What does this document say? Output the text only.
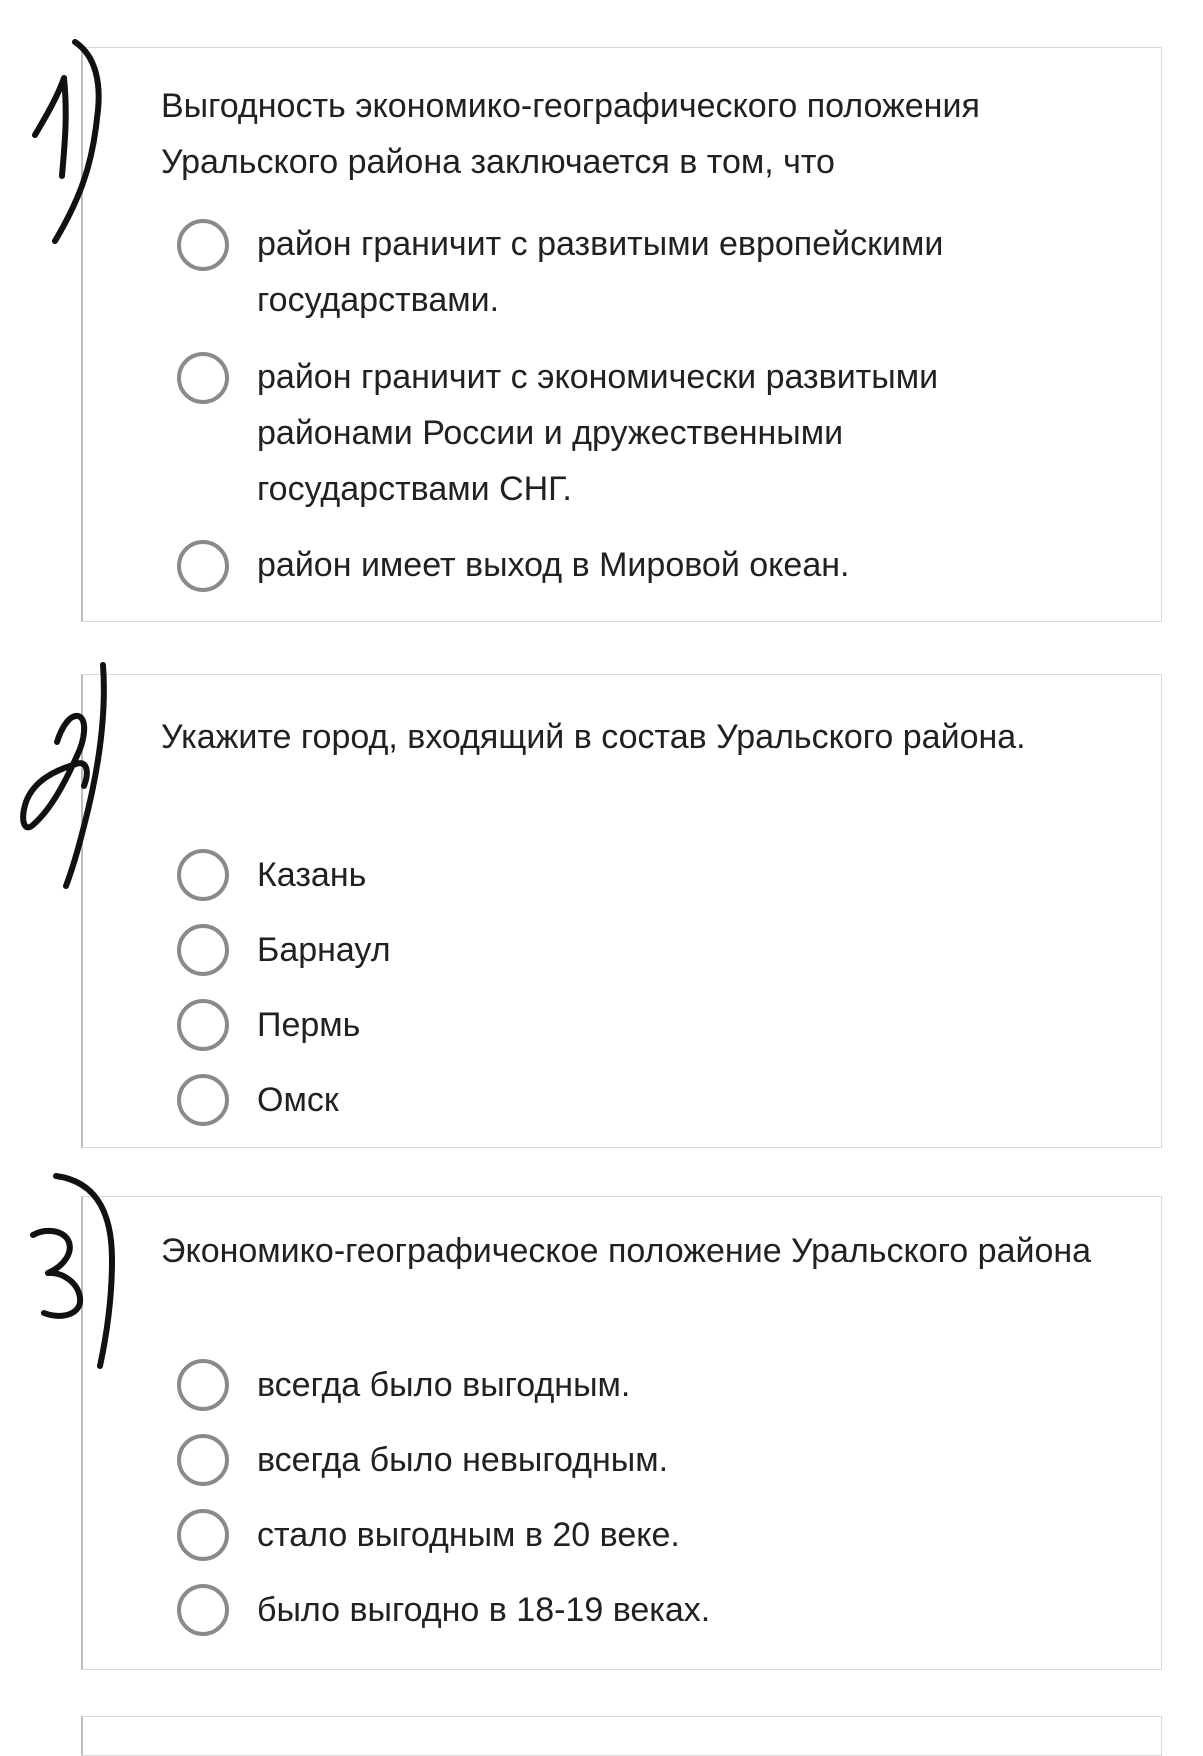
Выгодность экономико-географического положения Уральского района заключается в том, что

район граничит с развитыми европейскими государствами.
район граничит с экономически развитыми районами России и дружественными государствами СНГ.
район имеет выход в Мировой океан.

Укажите город, входящий в состав Уральского района.

Казань
Барнаул
Пермь
Омск

Экономико-географическое положение Уральского района

всегда было выгодным.
всегда было невыгодным.
стало выгодным в 20 веке.
было выгодно в 18-19 веках.
